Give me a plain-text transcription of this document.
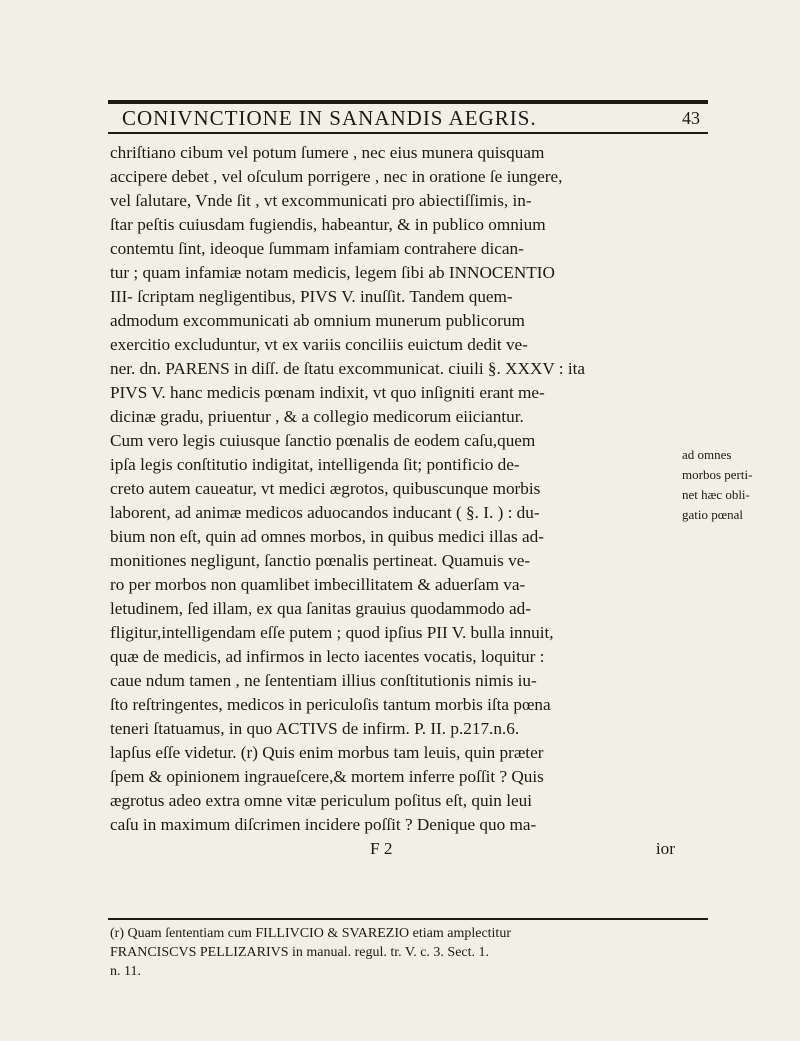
CONIVNCTIONE IN SANANDIS AEGRIS.	43
chriſtiano cibum vel potum ſumere , nec eius munera quisquam
accipere debet , vel oſculum porrigere , nec in oratione ſe iungere,
vel ſalutare, Vnde ſit , vt excommunicati pro abiectiſſimis, in-
ſtar peſtis cuiusdam fugiendis, habeantur, & in publico omnium
contemtu ſint, ideoque ſummam infamiam contrahere dican-
tur ; quam infamiæ notam medicis, legem ſibi ab INNOCENTIO
III- ſcriptam negligentibus, PIVS V. inuſſit. Tandem quem-
admodum excommunicati ab omnium munerum publicorum
exercitio excluduntur, vt ex variis conciliis euictum dedit ve-
ner. dn. PARENS in diſſ. de ſtatu excommunicat. ciuili §. XXXV : ita
PIVS V. hanc medicis pœnam indixit, vt quo inſigniti erant me-
dicinæ gradu, priuentur , & a collegio medicorum eiiciantur.
Cum vero legis cuiusque ſanctio pœnalis de eodem caſu,quem
ipſa legis conſtitutio indigitat, intelligenda ſit; pontificio de-
creto autem caueatur, vt medici ægrotos, quibuscunque morbis
laborent, ad animæ medicos aduocandos inducant ( §. I. ) : du-
bium non eſt, quin ad omnes morbos, in quibus medici illas ad-
monitiones negligunt, ſanctio pœnalis pertineat. Quamuis ve-
ro per morbos non quamlibet imbecillitatem & aduerſam va-
letudinem, ſed illam, ex qua ſanitas grauius quodammodo ad-
fligitur,intelligendam eſſe putem ; quod ipſius PII V. bulla innuit,
quæ de medicis, ad infirmos in lecto iacentes vocatis, loquitur :
caue ndum tamen , ne ſententiam illius conſtitutionis nimis iu-
ſto reſtringentes, medicos in periculoſis tantum morbis iſta pœna
teneri ſtatuamus, in quo ACTIVS de infirm. P. II. p.217.n.6.
lapſus eſſe videtur. (r) Quis enim morbus tam leuis, quin præter
ſpem & opinionem ingraueſcere,& mortem inferre poſſit ? Quis
ægrotus adeo extra omne vitæ periculum poſitus eſt, quin leui
caſu in maximum diſcrimen incidere poſſit ? Denique quo ma-
F 2	ior
ad omnes
morbos perti-
net hæc obli-
gatio pœnal
(r) Quam ſententiam cum FILLIVCIO & SVAREZIO etiam amplectitur
FRANCISCVS PELLIZARIVS in manual. regul. tr. V. c. 3. Sect. 1.
n. 11.
